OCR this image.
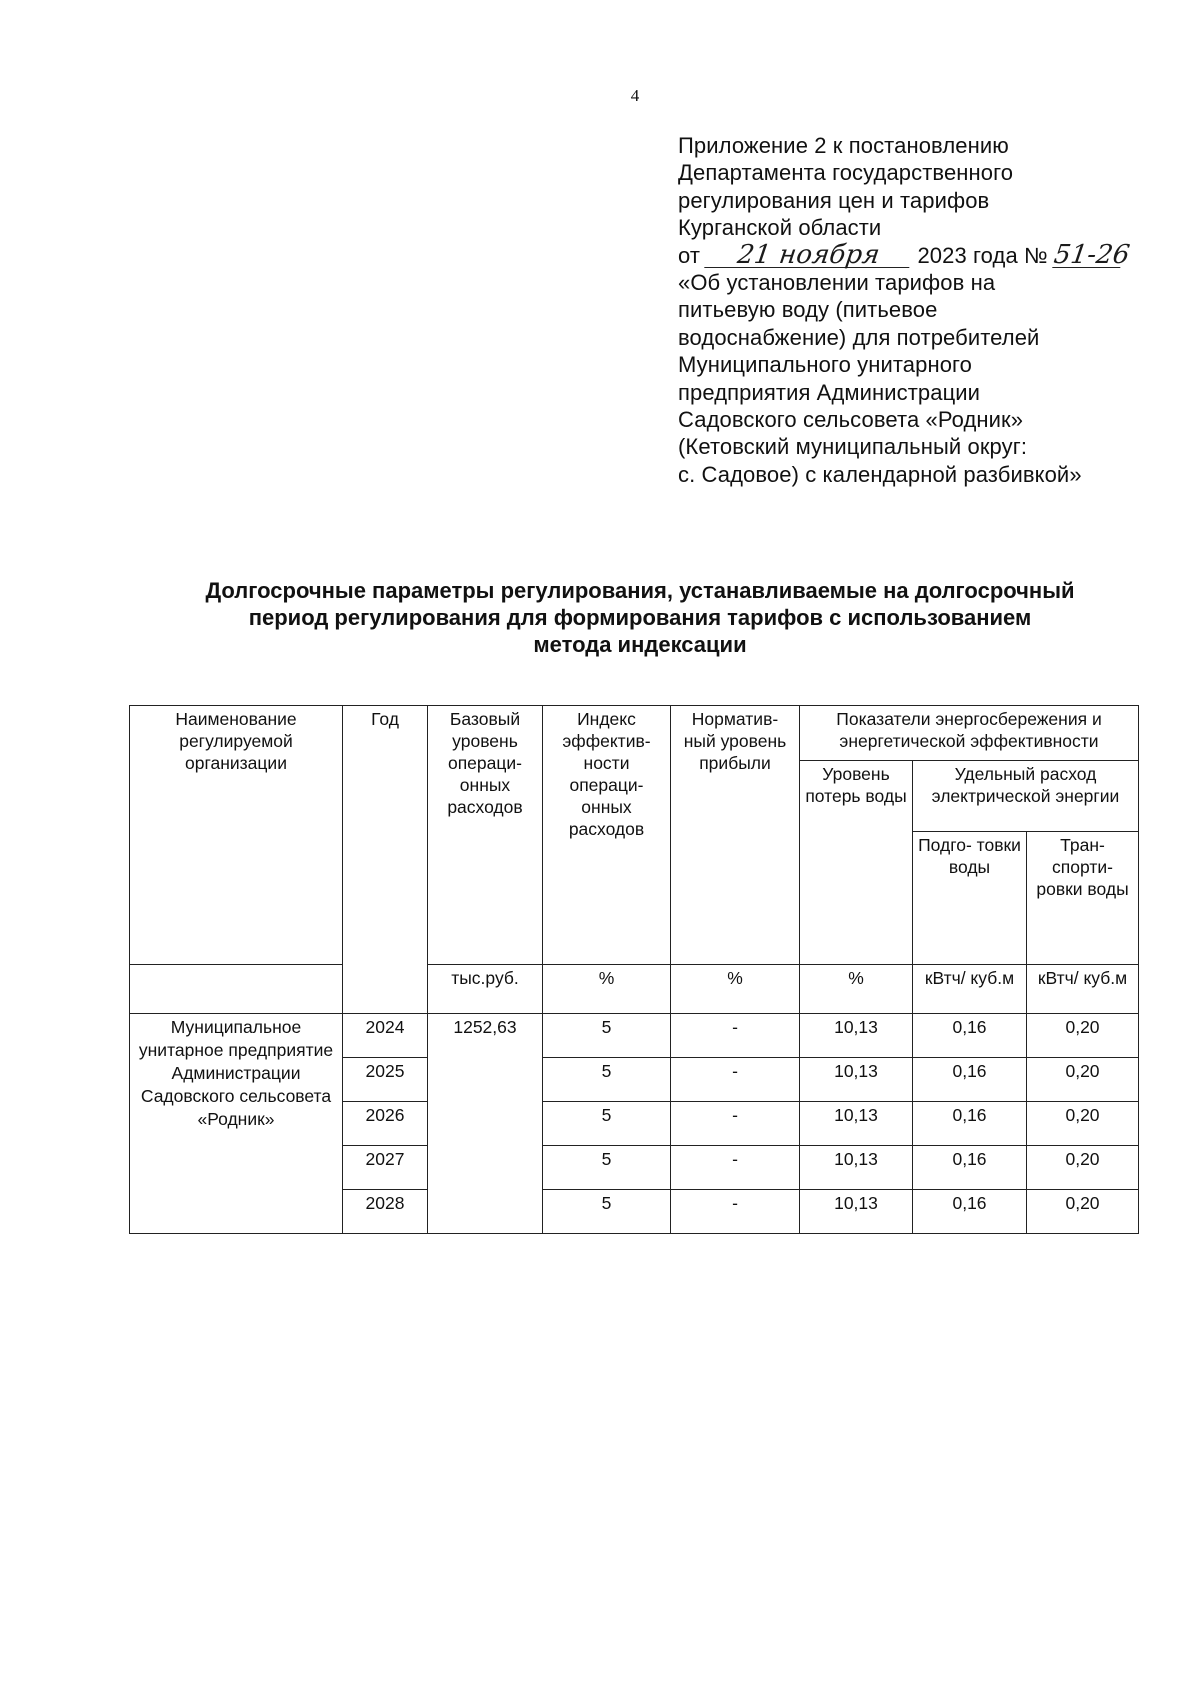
4
Приложение 2 к постановлению
Департамента государственного
регулирования цен и тарифов
Курганской области
от 21 ноября 2023 года № 51-26
«Об установлении тарифов на
питьевую воду (питьевое
водоснабжение) для потребителей
Муниципального унитарного
предприятия Администрации
Садовского сельсовета «Родник»
(Кетовский муниципальный округ:
с. Садовое) с календарной разбивкой»
Долгосрочные параметры регулирования, устанавливаемые на долгосрочный
период регулирования для формирования тарифов с использованием
метода индексации
Наименование регулируемой организации	Год	Базовый уровень операци- онных расходов	Индекс эффектив- ности операци- онных расходов	Норматив- ный уровень прибыли	Показатели энергосбережения и энергетической эффективности		
					Уровень потерь воды	Удельный расход электрической энергии	
						Подго- товки воды	Тран- спорти- ровки воды
		тыс.руб.	%	%	%	кВтч/ куб.м	кВтч/ куб.м
Муниципальное унитарное предприятие Администрации Садовского сельсовета «Родник»	2024	1252,63	5	-	10,13	0,16	0,20
	2025		5	-	10,13	0,16	0,20
	2026		5	-	10,13	0,16	0,20
	2027		5	-	10,13	0,16	0,20
	2028		5	-	10,13	0,16	0,20
